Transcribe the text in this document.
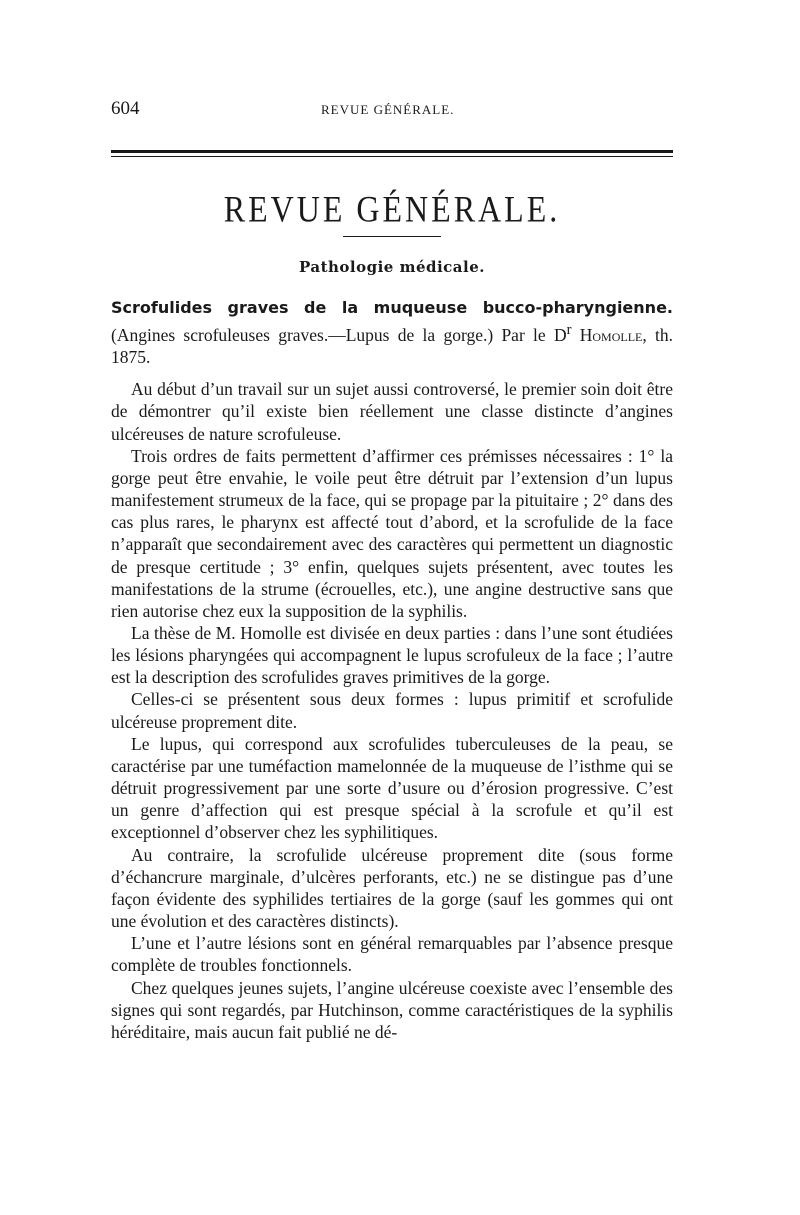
604	REVUE GÉNÉRALE.
REVUE GÉNÉRALE.
Pathologie médicale.

Scrofulides graves de la muqueuse bucco-pharyngienne. (Angines scrofuleuses graves.—Lupus de la gorge.) Par le $D^r$ Homolle, th. 1875.

Au début d’un travail sur un sujet aussi controversé, le premier soin doit être de démontrer qu’il existe bien réellement une classe distincte d’angines ulcéreuses de nature scrofuleuse.

Trois ordres de faits permettent d’affirmer ces prémisses nécessaires : 1° la gorge peut être envahie, le voile peut être détruit par l’extension d’un lupus manifestement strumeux de la face, qui se propage par la pituitaire ; 2° dans des cas plus rares, le pharynx est affecté tout d’abord, et la scrofulide de la face n’apparaît que secondairement avec des caractères qui permettent un diagnostic de presque certitude ; 3° enfin, quelques sujets présentent, avec toutes les manifestations de la strume (écrouelles, etc.), une angine destructive sans que rien autorise chez eux la supposition de la syphilis.

La thèse de M. Homolle est divisée en deux parties : dans l’une sont étudiées les lésions pharyngées qui accompagnent le lupus scrofuleux de la face ; l’autre est la description des scrofulides graves primitives de la gorge.

Celles-ci se présentent sous deux formes : lupus primitif et scrofulide ulcéreuse proprement dite.

Le lupus, qui correspond aux scrofulides tuberculeuses de la peau, se caractérise par une tuméfaction mamelonnée de la muqueuse de l’isthme qui se détruit progressivement par une sorte d’usure ou d’érosion progressive. C’est un genre d’affection qui est presque spécial à la scrofule et qu’il est exceptionnel d’observer chez les syphilitiques.

Au contraire, la scrofulide ulcéreuse proprement dite (sous forme d’échancrure marginale, d’ulcères perforants, etc.) ne se distingue pas d’une façon évidente des syphilides tertiaires de la gorge (sauf les gommes qui ont une évolution et des caractères distincts).

L’une et l’autre lésions sont en général remarquables par l’absence presque complète de troubles fonctionnels.

Chez quelques jeunes sujets, l’angine ulcéreuse coexiste avec l’ensemble des signes qui sont regardés, par Hutchinson, comme caractéristiques de la syphilis héréditaire, mais aucun fait publié ne dé-
